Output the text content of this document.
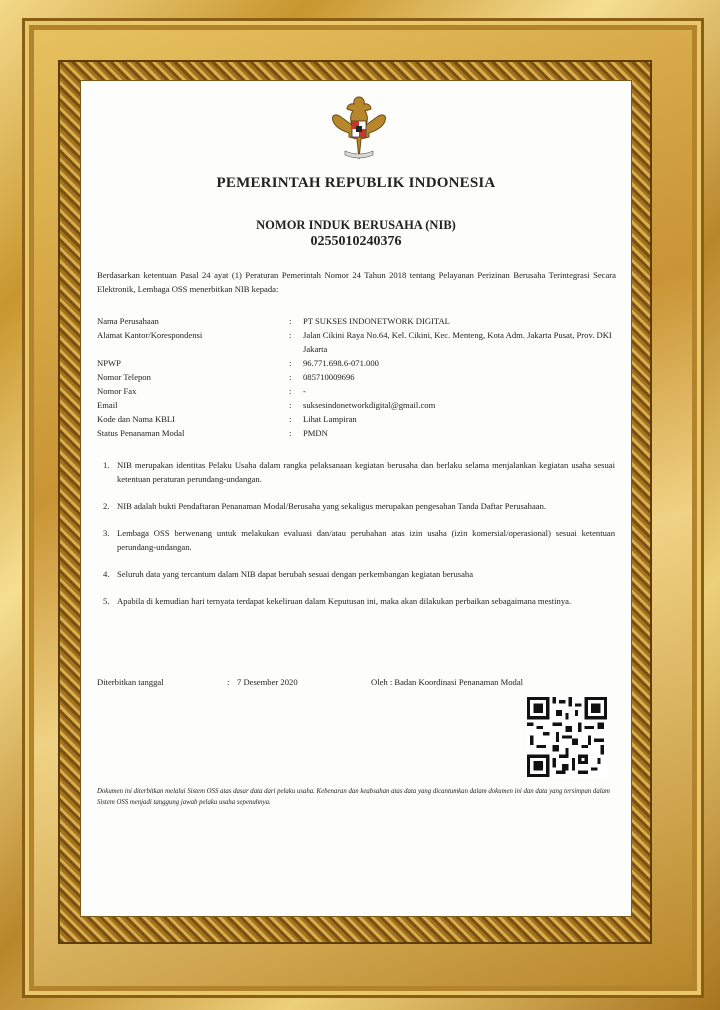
PEMERINTAH REPUBLIK INDONESIA
NOMOR INDUK BERUSAHA (NIB)
0255010240376
Berdasarkan ketentuan Pasal 24 ayat (1) Peraturan Pemerintah Nomor 24 Tahun 2018 tentang Pelayanan Perizinan Berusaha Terintegrasi Secara Elektronik, Lembaga OSS menerbitkan NIB kepada:
Nama Perusahaan	:	PT SUKSES INDONETWORK DIGITAL
Alamat Kantor/Korespondensi	:	Jalan Cikini Raya No.64, Kel. Cikini, Kec. Menteng, Kota Adm. Jakarta Pusat, Prov. DKI Jakarta
NPWP	:	96.771.698.6-071.000
Nomor Telepon	:	085710009696
Nomor Fax	:	-
Email	:	suksesindonetworkdigital@gmail.com
Kode dan Nama KBLI	:	Lihat Lampiran
Status Penanaman Modal	:	PMDN
1. NIB merupakan identitas Pelaku Usaha dalam rangka pelaksanaan kegiatan berusaha dan berlaku selama menjalankan kegiatan usaha sesuai ketentuan peraturan perundang-undangan.
2. NIB adalah bukti Pendaftaran Penanaman Modal/Berusaha yang sekaligus merupakan pengesahan Tanda Daftar Perusahaan.
3. Lembaga OSS berwenang untuk melakukan evaluasi dan/atau perubahan atas izin usaha (izin komersial/operasional) sesuai ketentuan perundang-undangan.
4. Seluruh data yang tercantum dalam NIB dapat berubah sesuai dengan perkembangan kegiatan berusaha
5. Apabila di kemudian hari ternyata terdapat kekeliruan dalam Keputusan ini, maka akan dilakukan perbaikan sebagaimana mestinya.
Diterbitkan tanggal	: 7 Desember 2020	Oleh : Badan Koordinasi Penanaman Modal
Dokumen ini diterbitkan melalui Sistem OSS atas dasar data dari pelaku usaha. Kebenaran dan keabsahan atas data yang dicantumkan dalam dokumen ini dan data yang tersimpan dalam Sistem OSS menjadi tanggung jawab pelaku usaha sepenuhnya.
